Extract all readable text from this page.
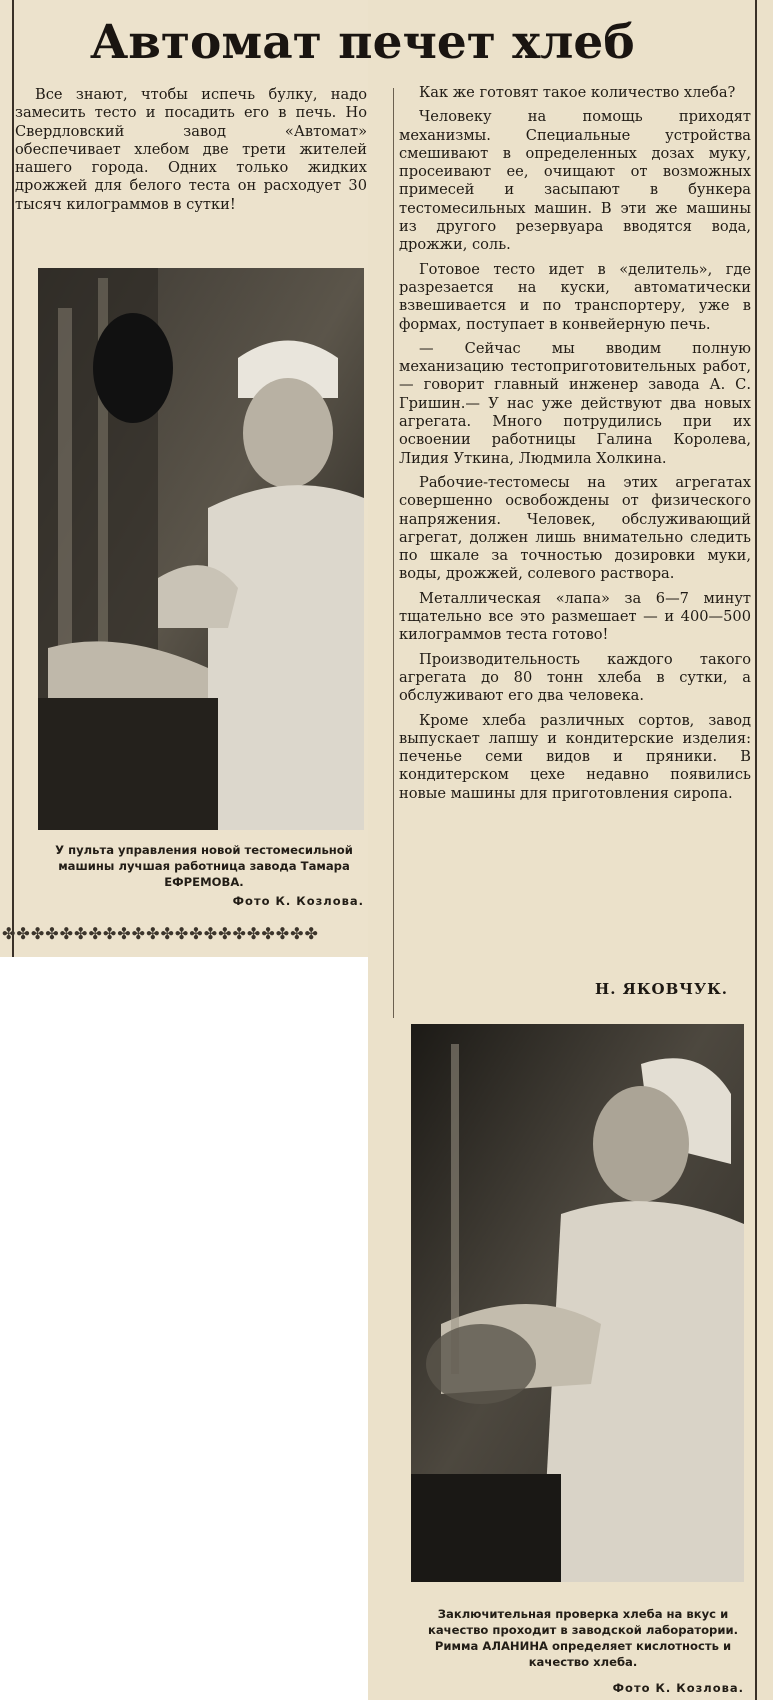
Автомат печет хлеб

Все знают, чтобы испечь булку, надо замесить тесто и посадить его в печь. Но Свердловский завод «Автомат» обеспечивает хлебом две трети жителей нашего города. Одних только жидких дрожжей для белого теста он расходует 30 тысяч килограммов в сутки!

У пульта управления новой тестомесильной машины лучшая работница завода Тамара ЕФРЕМОВА.

Фото К. Козлова.

✤✤✤✤✤✤✤✤✤✤✤✤✤✤✤✤✤✤✤✤✤✤

Как же готовят такое количество хлеба?

Человеку на помощь приходят механизмы. Специальные устройства смешивают в определенных дозах муку, просеивают ее, очищают от возможных примесей и засыпают в бункера тестомесильных машин. В эти же машины из другого резервуара вводятся вода, дрожжи, соль.

Готовое тесто идет в «делитель», где разрезается на куски, автоматически взвешивается и по транспортеру, уже в формах, поступает в конвейерную печь.

— Сейчас мы вводим полную механизацию тестоприготовительных работ,— говорит главный инженер завода А. С. Гришин.— У нас уже действуют два новых агрегата. Много потрудились при их освоении работницы Галина Королева, Лидия Уткина, Людмила Холкина.

Рабочие-тестомесы на этих агрегатах совершенно освобождены от физического напряжения. Человек, обслуживающий агрегат, должен лишь внимательно следить по шкале за точностью дозировки муки, воды, дрожжей, солевого раствора.

Металлическая «лапа» за 6—7 минут тщательно все это размешает — и 400—500 килограммов теста готово!

Производительность каждого такого агрегата до 80 тонн хлеба в сутки, а обслуживают его два человека.

Кроме хлеба различных сортов, завод выпускает лапшу и кондитерские изделия: печенье семи видов и пряники. В кондитерском цехе недавно появились новые машины для приготовления сиропа.

Н. ЯКОВЧУК.

Заключительная проверка хлеба на вкус и качество проходит в заводской лаборатории. Римма АЛАНИНА определяет кислотность и качество хлеба.

Фото К. Козлова.
